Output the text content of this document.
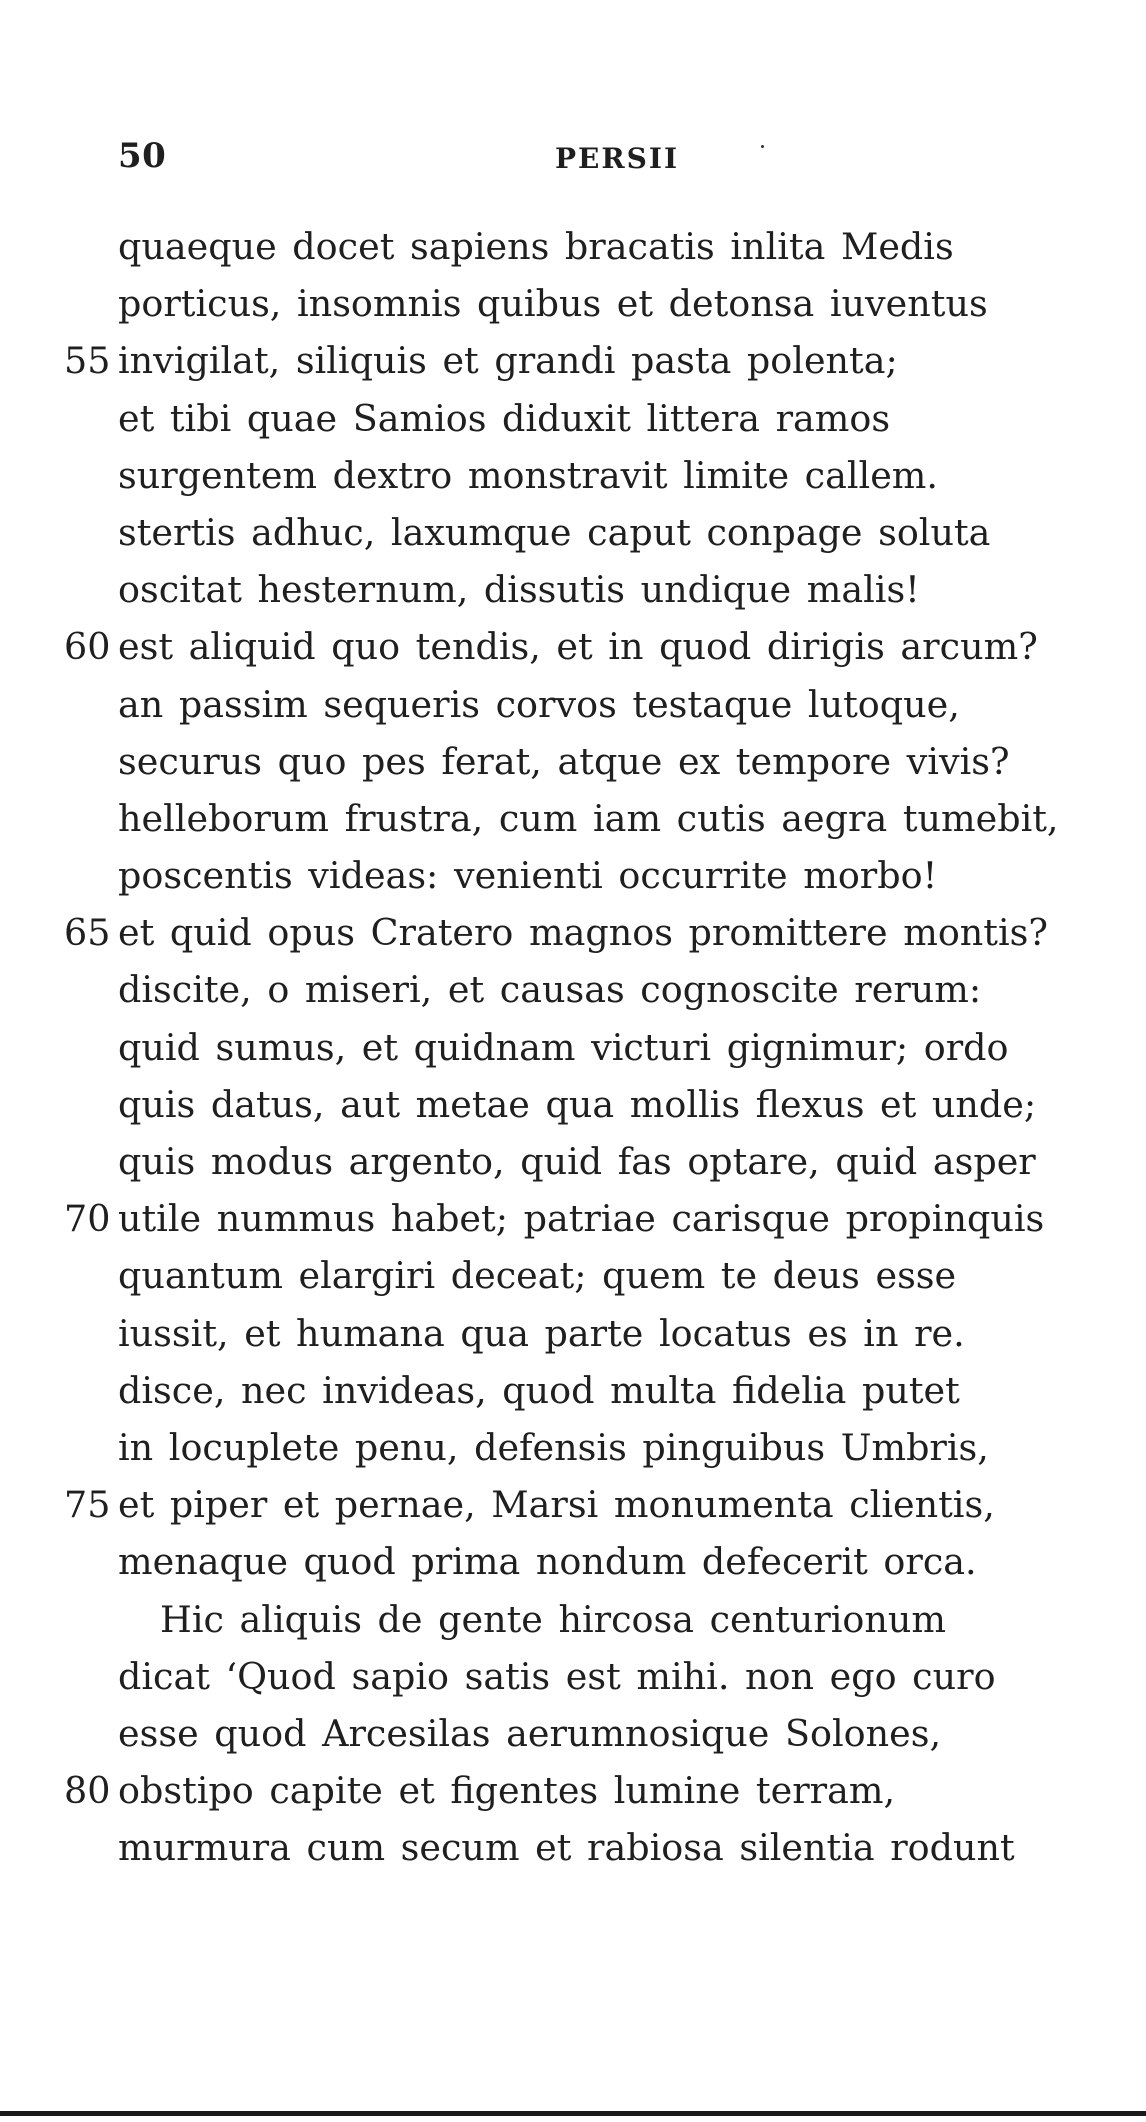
50	PERSII
quaeque docet sapiens bracatis inlita Medis
porticus, insomnis quibus et detonsa iuventus
55 invigilat, siliquis et grandi pasta polenta;
et tibi quae Samios diduxit littera ramos
surgentem dextro monstravit limite callem.
stertis adhuc, laxumque caput conpage soluta
oscitat hesternum, dissutis undique malis!
60 est aliquid quo tendis, et in quod dirigis arcum?
an passim sequeris corvos testaque lutoque,
securus quo pes ferat, atque ex tempore vivis?
helleborum frustra, cum iam cutis aegra tumebit,
poscentis videas: venienti occurrite morbo!
65 et quid opus Cratero magnos promittere montis?
discite, o miseri, et causas cognoscite rerum:
quid sumus, et quidnam victuri gignimur; ordo
quis datus, aut metae qua mollis flexus et unde;
quis modus argento, quid fas optare, quid asper
70 utile nummus habet; patriae carisque propinquis
quantum elargiri deceat; quem te deus esse
iussit, et humana qua parte locatus es in re.
disce, nec invideas, quod multa fidelia putet
in locuplete penu, defensis pinguibus Umbris,
75 et piper et pernae, Marsi monumenta clientis,
menaque quod prima nondum defecerit orca.
Hic aliquis de gente hircosa centurionum
dicat ‘Quod sapio satis est mihi. non ego curo
esse quod Arcesilas aerumnosique Solones,
80 obstipo capite et figentes lumine terram,
murmura cum secum et rabiosa silentia rodunt
